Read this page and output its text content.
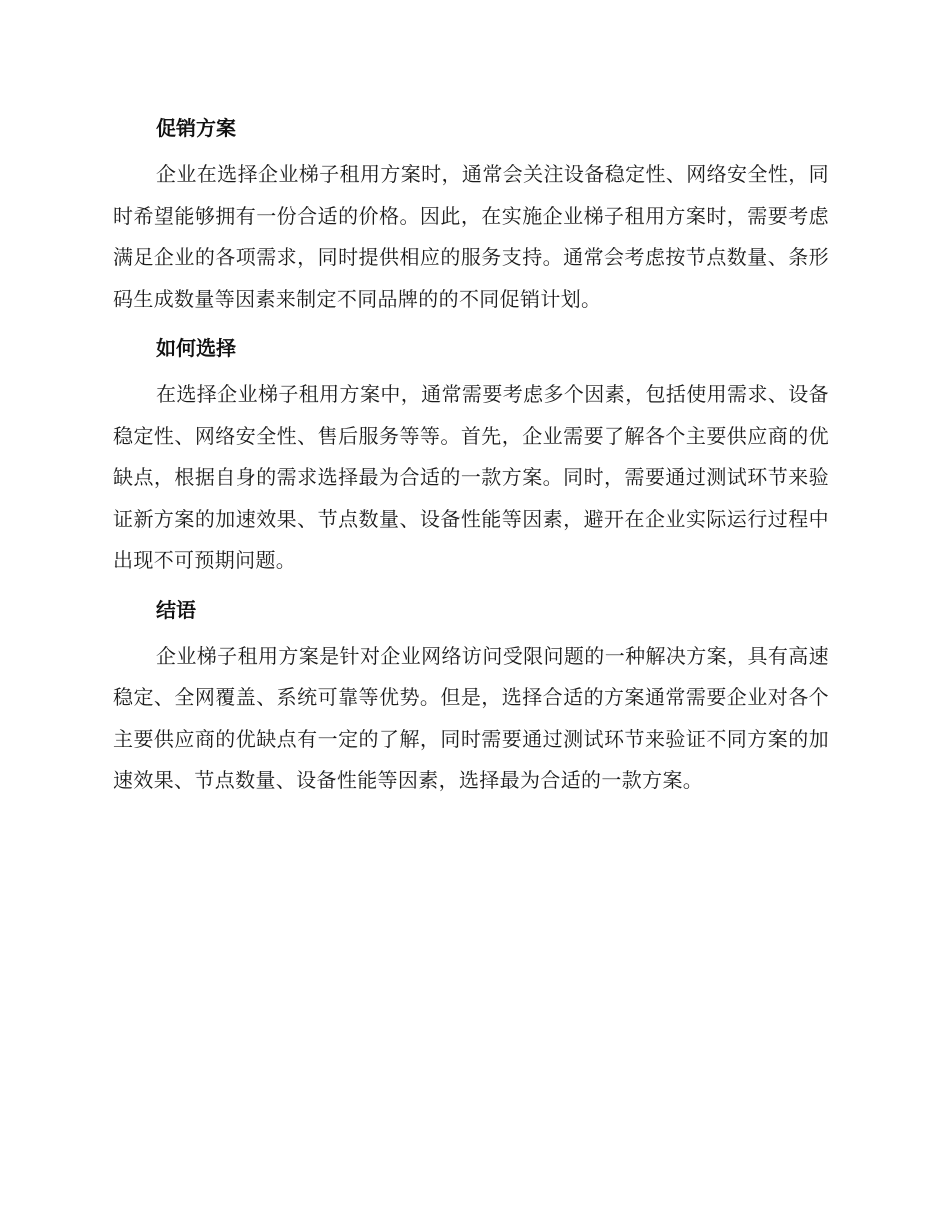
促销方案

企业在选择企业梯子租用方案时，通常会关注设备稳定性、网络安全性，同时希望能够拥有一份合适的价格。因此，在实施企业梯子租用方案时，需要考虑满足企业的各项需求，同时提供相应的服务支持。通常会考虑按节点数量、条形码生成数量等因素来制定不同品牌的的不同促销计划。

如何选择

在选择企业梯子租用方案中，通常需要考虑多个因素，包括使用需求、设备稳定性、网络安全性、售后服务等等。首先，企业需要了解各个主要供应商的优缺点，根据自身的需求选择最为合适的一款方案。同时，需要通过测试环节来验证新方案的加速效果、节点数量、设备性能等因素，避开在企业实际运行过程中出现不可预期问题。

结语

企业梯子租用方案是针对企业网络访问受限问题的一种解决方案，具有高速稳定、全网覆盖、系统可靠等优势。但是，选择合适的方案通常需要企业对各个主要供应商的优缺点有一定的了解，同时需要通过测试环节来验证不同方案的加速效果、节点数量、设备性能等因素，选择最为合适的一款方案。
